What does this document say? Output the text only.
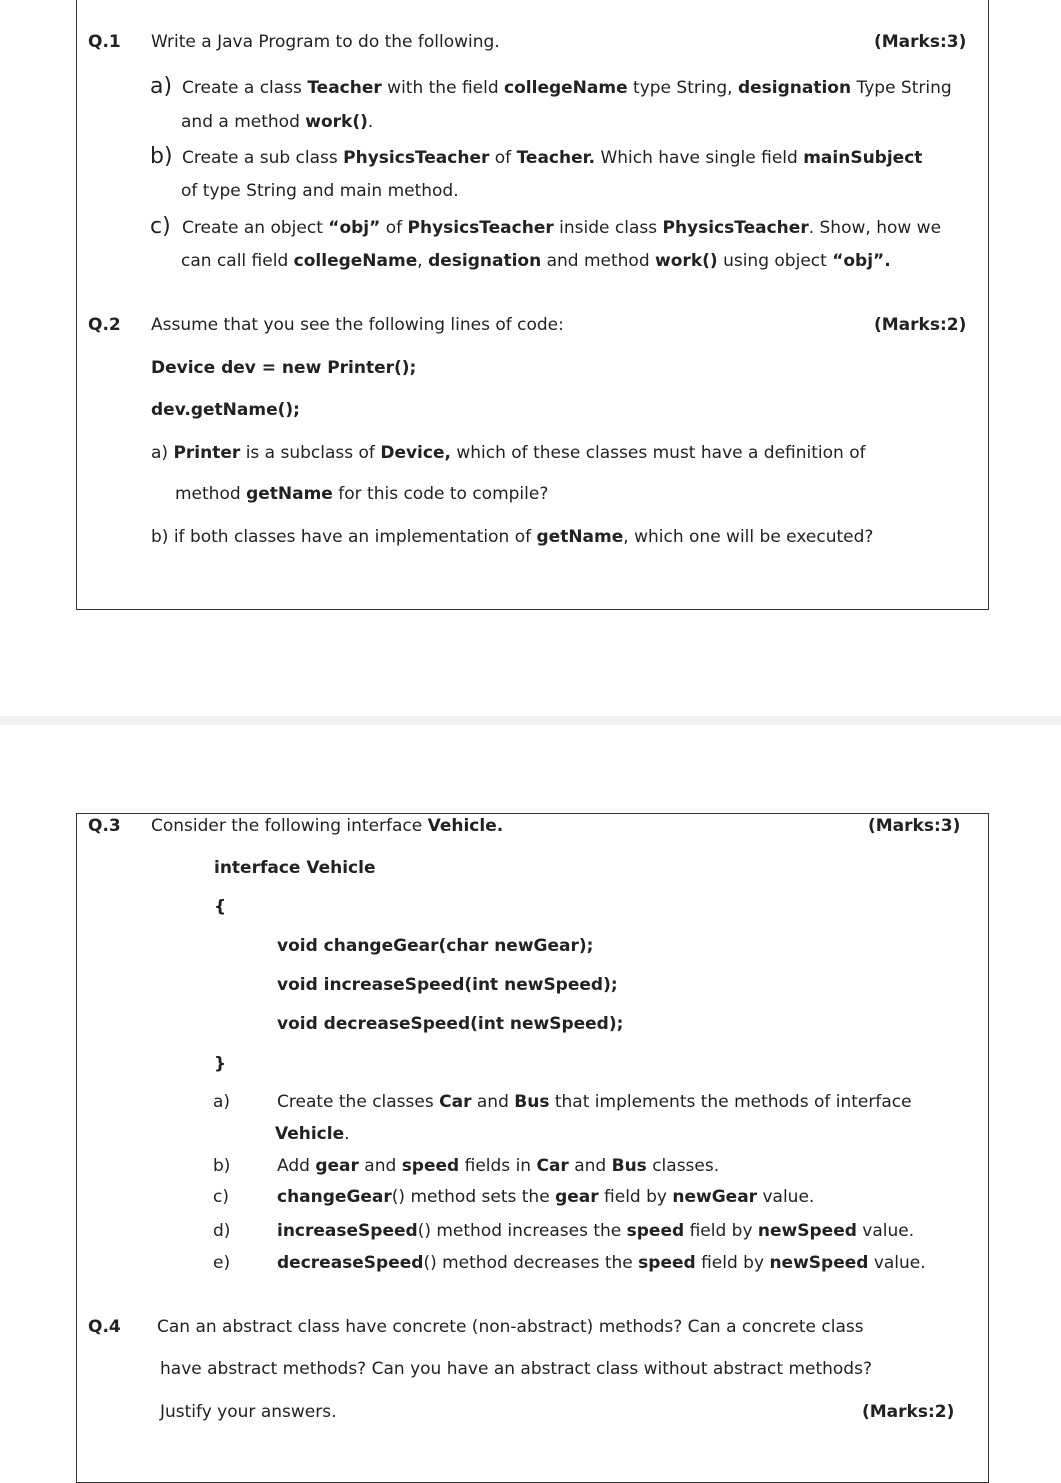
Q.1 Write a Java Program to do the following.	(Marks:3)
a) Create a class Teacher with the field collegeName type String, designation Type String
and a method work().
b) Create a sub class PhysicsTeacher of Teacher. Which have single field mainSubject
of type String and main method.
c) Create an object “obj” of PhysicsTeacher inside class PhysicsTeacher. Show, how we
can call field collegeName, designation and method work() using object “obj”.
Q.2 Assume that you see the following lines of code:	(Marks:2)
Device dev = new Printer();
dev.getName();
a) Printer is a subclass of Device, which of these classes must have a definition of
method getName for this code to compile?
b) if both classes have an implementation of getName, which one will be executed?
Q.3 Consider the following interface Vehicle.	(Marks:3)
interface Vehicle
{
void changeGear(char newGear);
void increaseSpeed(int newSpeed);
void decreaseSpeed(int newSpeed);
}
a)	Create the classes Car and Bus that implements the methods of interface
Vehicle.
b)	Add gear and speed fields in Car and Bus classes.
c)	changeGear() method sets the gear field by newGear value.
d)	increaseSpeed() method increases the speed field by newSpeed value.
e)	decreaseSpeed() method decreases the speed field by newSpeed value.
Q.4 Can an abstract class have concrete (non-abstract) methods? Can a concrete class
have abstract methods? Can you have an abstract class without abstract methods?
Justify your answers.	(Marks:2)
